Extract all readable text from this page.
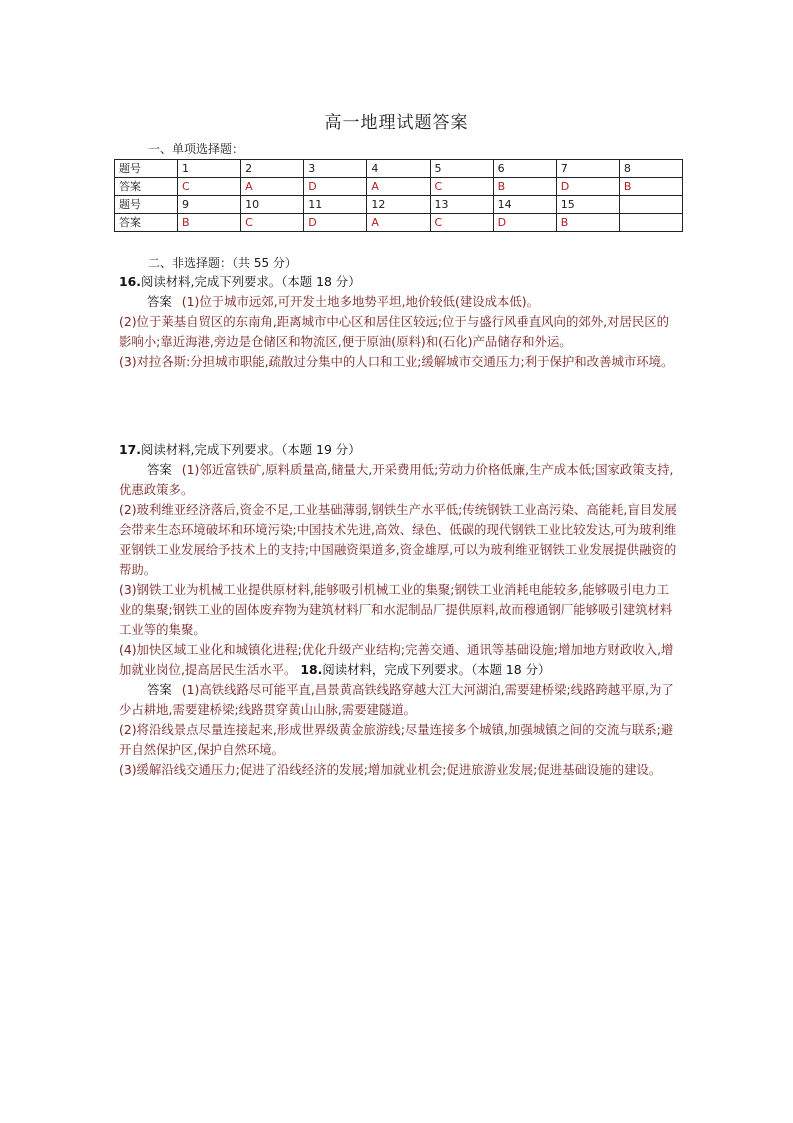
高一地理试题答案
一、单项选择题：
题号	1	2	3	4	5	6	7	8
答案	C	A	D	A	C	B	D	B
题号	9	10	11	12	13	14	15	
答案	B	C	D	A	C	D	B	
二、非选择题：（共 55 分）
16.阅读材料,完成下列要求。（本题 18 分）

答案 (1)位于城市远郊,可开发土地多地势平坦,地价较低(建设成本低)。

(2)位于莱基自贸区的东南角,距离城市中心区和居住区较远;位于与盛行风垂直风向的郊外,对居民区的影响小;靠近海港,旁边是仓储区和物流区,便于原油(原料)和(石化)产品储存和外运。

(3)对拉各斯:分担城市职能,疏散过分集中的人口和工业;缓解城市交通压力;利于保护和改善城市环境。

17.阅读材料,完成下列要求。（本题 19 分）

答案 (1)邻近富铁矿,原料质量高,储量大,开采费用低;劳动力价格低廉,生产成本低;国家政策支持,优惠政策多。

(2)玻利维亚经济落后,资金不足,工业基础薄弱,钢铁生产水平低;传统钢铁工业高污染、高能耗,盲目发展会带来生态环境破坏和环境污染;中国技术先进,高效、绿色、低碳的现代钢铁工业比较发达,可为玻利维亚钢铁工业发展给予技术上的支持;中国融资渠道多,资金雄厚,可以为玻利维亚钢铁工业发展提供融资的帮助。

(3)钢铁工业为机械工业提供原材料,能够吸引机械工业的集聚;钢铁工业消耗电能较多,能够吸引电力工业的集聚;钢铁工业的固体废弃物为建筑材料厂和水泥制品厂提供原料,故而穆通钢厂能够吸引建筑材料工业等的集聚。

(4)加快区域工业化和城镇化进程;优化升级产业结构;完善交通、通讯等基础设施;增加地方财政收入,增加就业岗位,提高居民生活水平。 18.阅读材料，完成下列要求。（本题 18 分）

答案 (1)高铁线路尽可能平直,昌景黄高铁线路穿越大江大河湖泊,需要建桥梁;线路跨越平原,为了少占耕地,需要建桥梁;线路贯穿黄山山脉,需要建隧道。

(2)将沿线景点尽量连接起来,形成世界级黄金旅游线;尽量连接多个城镇,加强城镇之间的交流与联系;避开自然保护区,保护自然环境。

(3)缓解沿线交通压力;促进了沿线经济的发展;增加就业机会;促进旅游业发展;促进基础设施的建设。
